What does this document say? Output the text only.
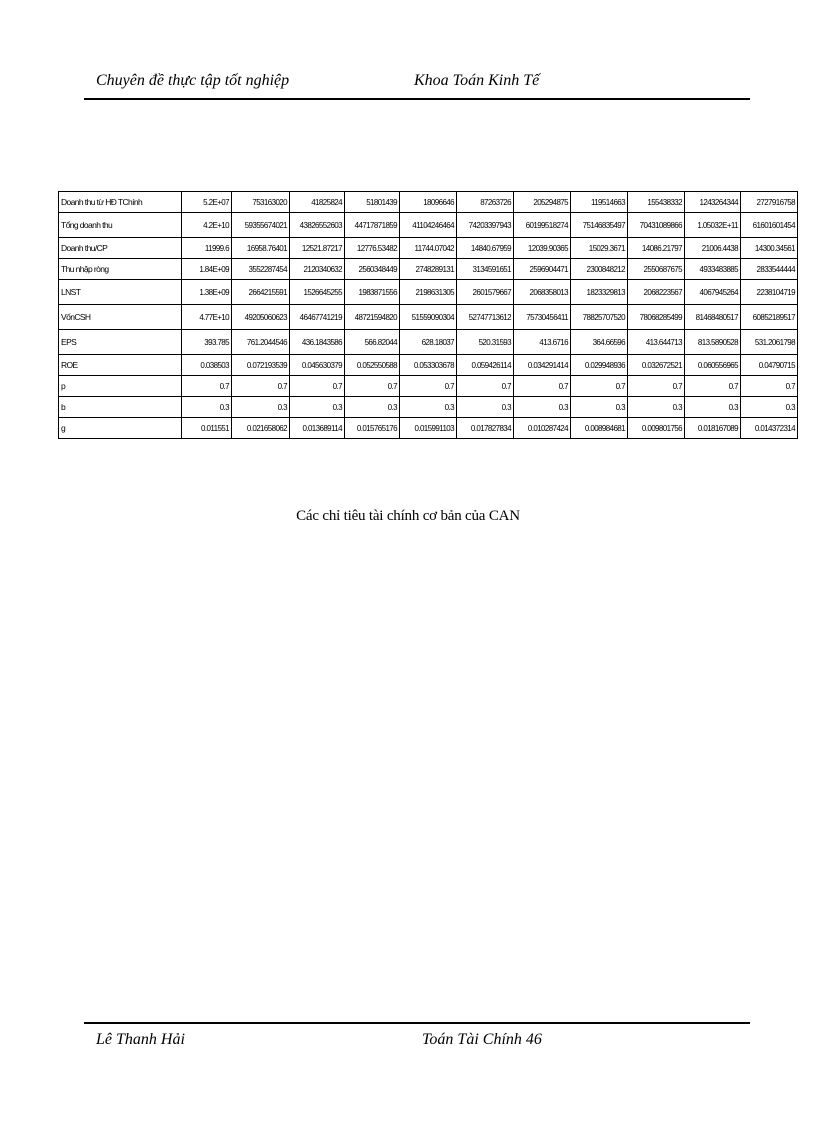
Chuyên đề thực tập tốt nghiệp	Khoa Toán Kinh Tế
Doanh thu từ HĐ TChính	5.2E+07	753163020	41825824	51801439	18096646	87263726	205294875	119514663	155438332	1243264344	2727916758
Tổng doanh thu	4.2E+10	59355674021	43826552603	44717871859	41104246464	74203397943	60199518274	75146835497	70431089866	1.05032E+11	61601601454
Doanh thu/CP	11999.6	16958.76401	12521.87217	12776.53482	11744.07042	14840.67959	12039.90365	15029.3671	14086.21797	21006.4438	14300.34561
Thu nhập ròng	1.84E+09	3552287454	2120340632	2560348449	2748289131	3134591651	2596904471	2300848212	2550687675	4933483885	2833544444
LNST	1.38E+09	2664215591	1526645255	1983871556	2198631305	2601579667	2068358013	1823329813	2068223567	4067945264	2238104719
VốnCSH	4.77E+10	49205060623	46467741219	48721594820	51559090304	52747713612	75730456411	78825707520	78068285499	81468480517	60852189517
EPS	393.785	761.2044546	436.1843586	566.82044	628.18037	520.31593	413.6716	364.66596	413.644713	813.5890528	531.2061798
ROE	0.038503	0.072193539	0.045630379	0.052550588	0.053303678	0.059426114	0.034291414	0.029948936	0.032672521	0.060556965	0.04790715
p	0.7	0.7	0.7	0.7	0.7	0.7	0.7	0.7	0.7	0.7	0.7
b	0.3	0.3	0.3	0.3	0.3	0.3	0.3	0.3	0.3	0.3	0.3
g	0.011551	0.021658062	0.013689114	0.015765176	0.015991103	0.017827834	0.010287424	0.008984681	0.009801756	0.018167089	0.014372314
Các chỉ tiêu tài chính cơ bản của CAN
Lê Thanh Hải	Toán Tài Chính 46
